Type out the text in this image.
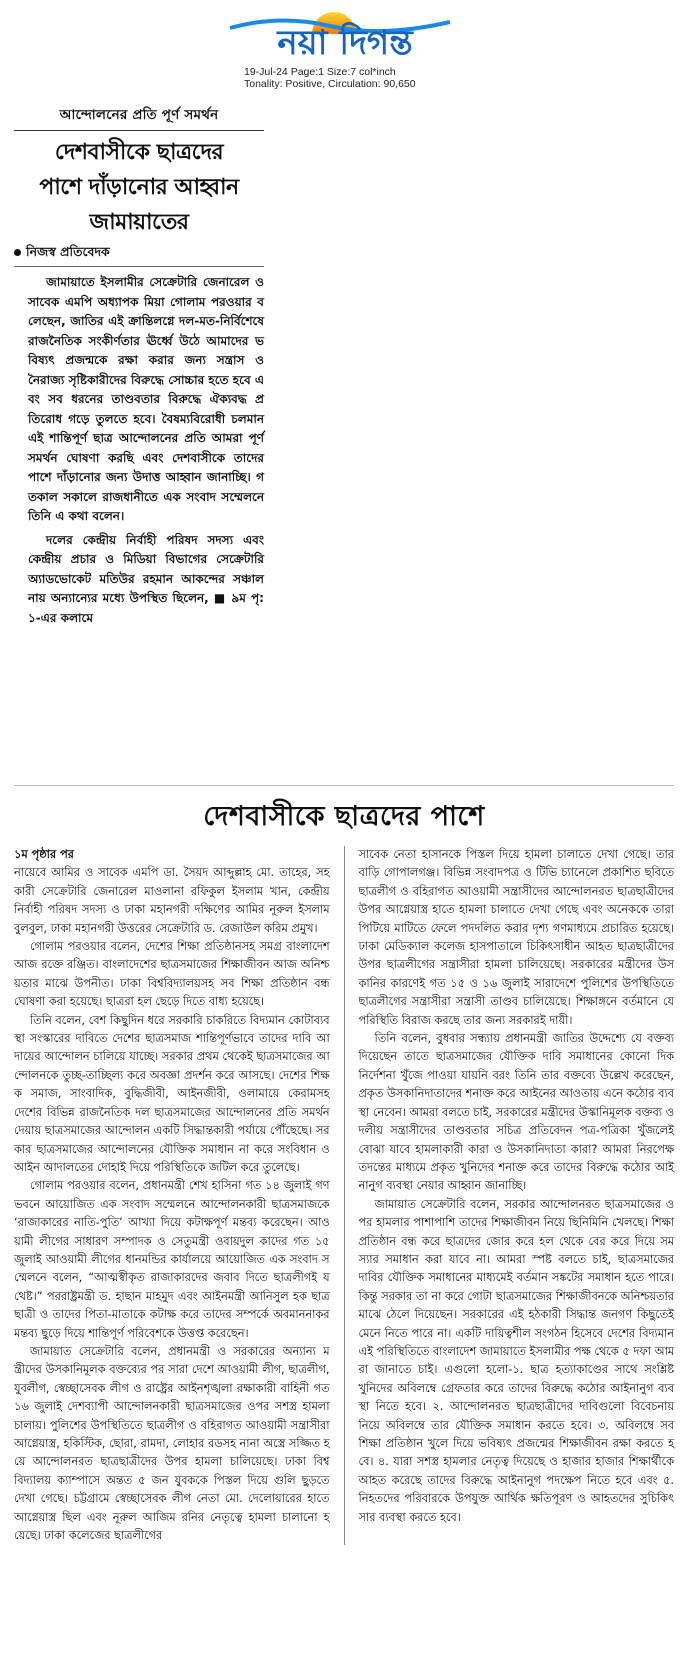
নয়া দিগন্ত
19-Jul-24 Page:1 Size:7 col*inch
Tonality: Positive, Circulation: 90,650
আন্দোলনের প্রতি পূর্ণ সমর্থন
দেশবাসীকে ছাত্রদের
পাশে দাঁড়ানোর আহ্বান
জামায়াতের
নিজস্ব প্রতিবেদক

জামায়াতে ইসলামীর সেক্রেটারি জেনারেল ও সাবেক এমপি অধ্যাপক মিয়া গোলাম পরওয়ার বলেছেন, জাতির এই ক্রান্তিলগ্নে দল-মত-নির্বিশেষে রাজনৈতিক সংকীর্ণতার ঊর্ধ্বে উঠে আমাদের ভবিষ্যৎ প্রজন্মকে রক্ষা করার জন্য সন্ত্রাস ও নৈরাজ্য সৃষ্টিকারীদের বিরুদ্ধে সোচ্চার হতে হবে এবং সব ধরনের তাণ্ডবতার বিরুদ্ধে ঐক্যবদ্ধ প্রতিরোধ গড়ে তুলতে হবে। বৈষম্যবিরোধী চলমান এই শান্তিপূর্ণ ছাত্র আন্দোলনের প্রতি আমরা পূর্ণ সমর্থন ঘোষণা করছি এবং দেশবাসীকে তাদের পাশে দাঁড়ানোর জন্য উদাত্ত আহ্বান জানাচ্ছি। গতকাল সকালে রাজধানীতে এক সংবাদ সম্মেলনে তিনি এ কথা বলেন।

দলের কেন্দ্রীয় নির্বাহী পরিষদ সদস্য এবং কেন্দ্রীয় প্রচার ও মিডিয়া বিভাগের সেক্রেটারি অ্যাডভোকেট মতিউর রহমান আকন্দের সঞ্চালনায় অন্যান্যের মধ্যে উপস্থিত ছিলেন, ■ ৯ম পৃ: ১-এর কলামে

দেশবাসীকে ছাত্রদের পাশে

১ম পৃষ্ঠার পর

নায়েবে আমির ও সাবেক এমপি ডা. সৈয়দ আব্দুল্লাহ মো. তাহের, সহকারী সেক্রেটারি জেনারেল মাওলানা রফিকুল ইসলাম খান, কেন্দ্রীয় নির্বাহী পরিষদ সদস্য ও ঢাকা মহানগরী দক্ষিণের আমির নূরুল ইসলাম বুলবুল, ঢাকা মহানগরী উত্তরের সেক্রেটারি ড. রেজাউল করিম প্রমুখ।

গোলাম পরওয়ার বলেন, দেশের শিক্ষা প্রতিষ্ঠানসহ সমগ্র বাংলাদেশ আজ রক্তে রঞ্জিত। বাংলাদেশের ছাত্রসমাজের শিক্ষাজীবন আজ অনিশ্চয়তার মাঝে উপনীত। ঢাকা বিশ্ববিদ্যালয়সহ সব শিক্ষা প্রতিষ্ঠান বন্ধ ঘোষণা করা হয়েছে। ছাত্ররা হল ছেড়ে দিতে বাধ্য হয়েছে।

তিনি বলেন, বেশ কিছুদিন ধরে সরকারি চাকরিতে বিদ্যমান কোটাব্যবস্থা সংস্কারের দাবিতে দেশের ছাত্রসমাজ শান্তিপূর্ণভাবে তাদের দাবি আদায়ের আন্দোলন চালিয়ে যাচ্ছে। সরকার প্রথম থেকেই ছাত্রসমাজের আন্দোলনকে তুচ্ছ-তাচ্ছিল্য করে অবজ্ঞা প্রদর্শন করে আসছে। দেশের শিক্ষক সমাজ, সাংবাদিক, বুদ্ধিজীবী, আইনজীবী, ওলামায়ে কেরামসহ দেশের বিভিন্ন রাজনৈতিক দল ছাত্রসমাজের আন্দোলনের প্রতি সমর্থন দেয়ায় ছাত্রসমাজের আন্দোলন একটি সিদ্ধান্তকারী পর্যায়ে পৌঁছেছে। সরকার ছাত্রসমাজের আন্দোলনের যৌক্তিক সমাধান না করে সংবিধান ও আইন আদালতের দোহাই দিয়ে পরিস্থিতিকে জটিল করে তুলেছে।

গোলাম পরওয়ার বলেন, প্রধানমন্ত্রী শেখ হাসিনা গত ১৪ জুলাই গণভবনে আয়োজিত এক সংবাদ সম্মেলনে আন্দোলনকারী ছাত্রসমাজকে ‘রাজাকারের নাতি-পুতি’ আখ্যা দিয়ে কটাক্ষপূর্ণ মন্তব্য করেছেন। আওয়ামী লীগের সাধারণ সম্পাদক ও সেতুমন্ত্রী ওবায়দুল কাদের গত ১৫ জুলাই আওয়ামী লীগের ধানমন্ডির কার্যালয়ে আয়োজিত এক সংবাদ সম্মেলনে বলেন, “আত্মস্বীকৃত রাজাকারদের জবাব দিতে ছাত্রলীগই যথেষ্ট।” পররাষ্ট্রমন্ত্রী ড. হাছান মাহমুদ এবং আইনমন্ত্রী আনিসুল হক ছাত্রছাত্রী ও তাদের পিতা-মাতাকে কটাক্ষ করে তাদের সম্পর্কে অবমাননাকর মন্তব্য ছুড়ে দিয়ে শান্তিপূর্ণ পরিবেশকে উত্তপ্ত করেছেন।

জামায়াত সেক্রেটারি বলেন, প্রধানমন্ত্রী ও সরকারের অন্যান্য মন্ত্রীদের উসকানিমূলক বক্তব্যের পর সারা দেশে আওয়ামী লীগ, ছাত্রলীগ, যুবলীগ, স্বেচ্ছাসেবক লীগ ও রাষ্ট্রের আইনশৃঙ্খলা রক্ষাকারী বাহিনী গত ১৬ জুলাই দেশব্যাপী আন্দোলনকারী ছাত্রসমাজের ওপর সশস্ত্র হামলা চালায়। পুলিশের উপস্থিতিতে ছাত্রলীগ ও বহিরাগত আওয়ামী সন্ত্রাসীরা আগ্নেয়াস্ত্র, হকিস্টিক, ছোরা, রামদা, লোহার রডসহ নানা অস্ত্রে সজ্জিত হয়ে আন্দোলনরত ছাত্রছাত্রীদের উপর হামলা চালিয়েছে। ঢাকা বিশ্ববিদ্যালয় ক্যাম্পাসে অন্তত ৫ জন যুবককে পিস্তল দিয়ে গুলি ছুড়তে দেখা গেছে। চট্টগ্রামে স্বেচ্ছাসেবক লীগ নেতা মো. দেলোয়ারের হাতে আগ্নেয়াস্ত্র ছিল এবং নূরুল আজিম রনির নেতৃত্বে হামলা চালানো হয়েছে। ঢাকা কলেজের ছাত্রলীগের

সাবেক নেতা হাসানকে পিস্তল দিয়ে হামলা চালাতে দেখা গেছে। তার বাড়ি গোপালগঞ্জ। বিভিন্ন সংবাদপত্র ও টিভি চ্যানেলে প্রকাশিত ছবিতে ছাত্রলীগ ও বহিরাগত আওয়ামী সন্ত্রাসীদের আন্দোলনরত ছাত্রছাত্রীদের উপর আগ্নেয়াস্ত্র হাতে হামলা চালাতে দেখা গেছে এবং অনেককে তারা পিটিয়ে মাটিতে ফেলে পদদলিত করার দৃশ্য গণমাধ্যমে প্রচারিত হয়েছে। ঢাকা মেডিক্যাল কলেজ হাসপাতালে চিকিৎসাধীন আহত ছাত্রছাত্রীদের উপর ছাত্রলীগের সন্ত্রাসীরা হামলা চালিয়েছে। সরকারের মন্ত্রীদের উসকানির কারণেই গত ১৫ ও ১৬ জুলাই সারাদেশে পুলিশের উপস্থিতিতে ছাত্রলীগের সন্ত্রাসীরা সন্ত্রাসী তাণ্ডব চালিয়েছে। শিক্ষাঙ্গনে বর্তমানে যে পরিস্থিতি বিরাজ করছে তার জন্য সরকারই দায়ী।

তিনি বলেন, বুধবার সন্ধ্যায় প্রধানমন্ত্রী জাতির উদ্দেশ্যে যে বক্তব্য দিয়েছেন তাতে ছাত্রসমাজের যৌক্তিক দাবি সমাধানের কোনো দিকনির্দেশনা খুঁজে পাওয়া যায়নি বরং তিনি তার বক্তব্যে উল্লেখ করেছেন, প্রকৃত উসকানিদাতাদের শনাক্ত করে আইনের আওতায় এনে কঠোর ব্যবস্থা নেবেন। আমরা বলতে চাই, সরকারের মন্ত্রীদের উস্কানিমূলক বক্তব্য ও দলীয় সন্ত্রাসীদের তাণ্ডবতার সচিত্র প্রতিবেদন পত্র-পত্রিকা খুঁজলেই বোঝা যাবে হামলাকারী কারা ও উসকানিদাতা কারা? আমরা নিরপেক্ষ তদন্তের মাধ্যমে প্রকৃত খুনিদের শনাক্ত করে তাদের বিরুদ্ধে কঠোর আইনানুগ ব্যবস্থা নেয়ার আহ্বান জানাচ্ছি।

জামায়াত সেক্রেটারি বলেন, সরকার আন্দোলনরত ছাত্রসমাজের ওপর হামলার পাশাপাশি তাদের শিক্ষাজীবন নিয়ে ছিনিমিনি খেলছে। শিক্ষা প্রতিষ্ঠান বন্ধ করে ছাত্রদের জোর করে হল থেকে বের করে দিয়ে সমস্যার সমাধান করা যাবে না। আমরা স্পষ্ট বলতে চাই, ছাত্রসমাজের দাবির যৌক্তিক সমাধানের মাধ্যমেই বর্তমান সঙ্কটের সমাধান হতে পারে। কিন্তু সরকার তা না করে গোটা ছাত্রসমাজের শিক্ষাজীবনকে অনিশ্চয়তার মাঝে ঠেলে দিয়েছেন। সরকারের এই হঠকারী সিদ্ধান্ত জনগণ কিছুতেই মেনে নিতে পারে না। একটি দায়িত্বশীল সংগঠন হিসেবে দেশের বিদ্যমান এই পরিস্থিতিতে বাংলাদেশ জামায়াতে ইসলামীর পক্ষ থেকে ৫ দফা আমরা জানাতে চাই। এগুলো হলো-১. ছাত্র হত্যাকাণ্ডের সাথে সংশ্লিষ্ট খুনিদের অবিলম্বে গ্রেফতার করে তাদের বিরুদ্ধে কঠোর আইনানুগ ব্যবস্থা নিতে হবে। ২. আন্দোলনরত ছাত্রছাত্রীদের দাবিগুলো বিবেচনায় নিয়ে অবিলম্বে তার যৌক্তিক সমাধান করতে হবে। ৩. অবিলম্বে সব শিক্ষা প্রতিষ্ঠান খুলে দিয়ে ভবিষ্যৎ প্রজন্মের শিক্ষাজীবন রক্ষা করতে হবে। ৪. যারা সশস্ত্র হামলার নেতৃত্ব দিয়েছে ও হাজার হাজার শিক্ষার্থীকে আহত করেছে তাদের বিরুদ্ধে আইনানুগ পদক্ষেপ নিতে হবে এবং ৫. নিহতদের পরিবারকে উপযুক্ত আর্থিক ক্ষতিপূরণ ও আহতদের সুচিকিৎসার ব্যবস্থা করতে হবে।
